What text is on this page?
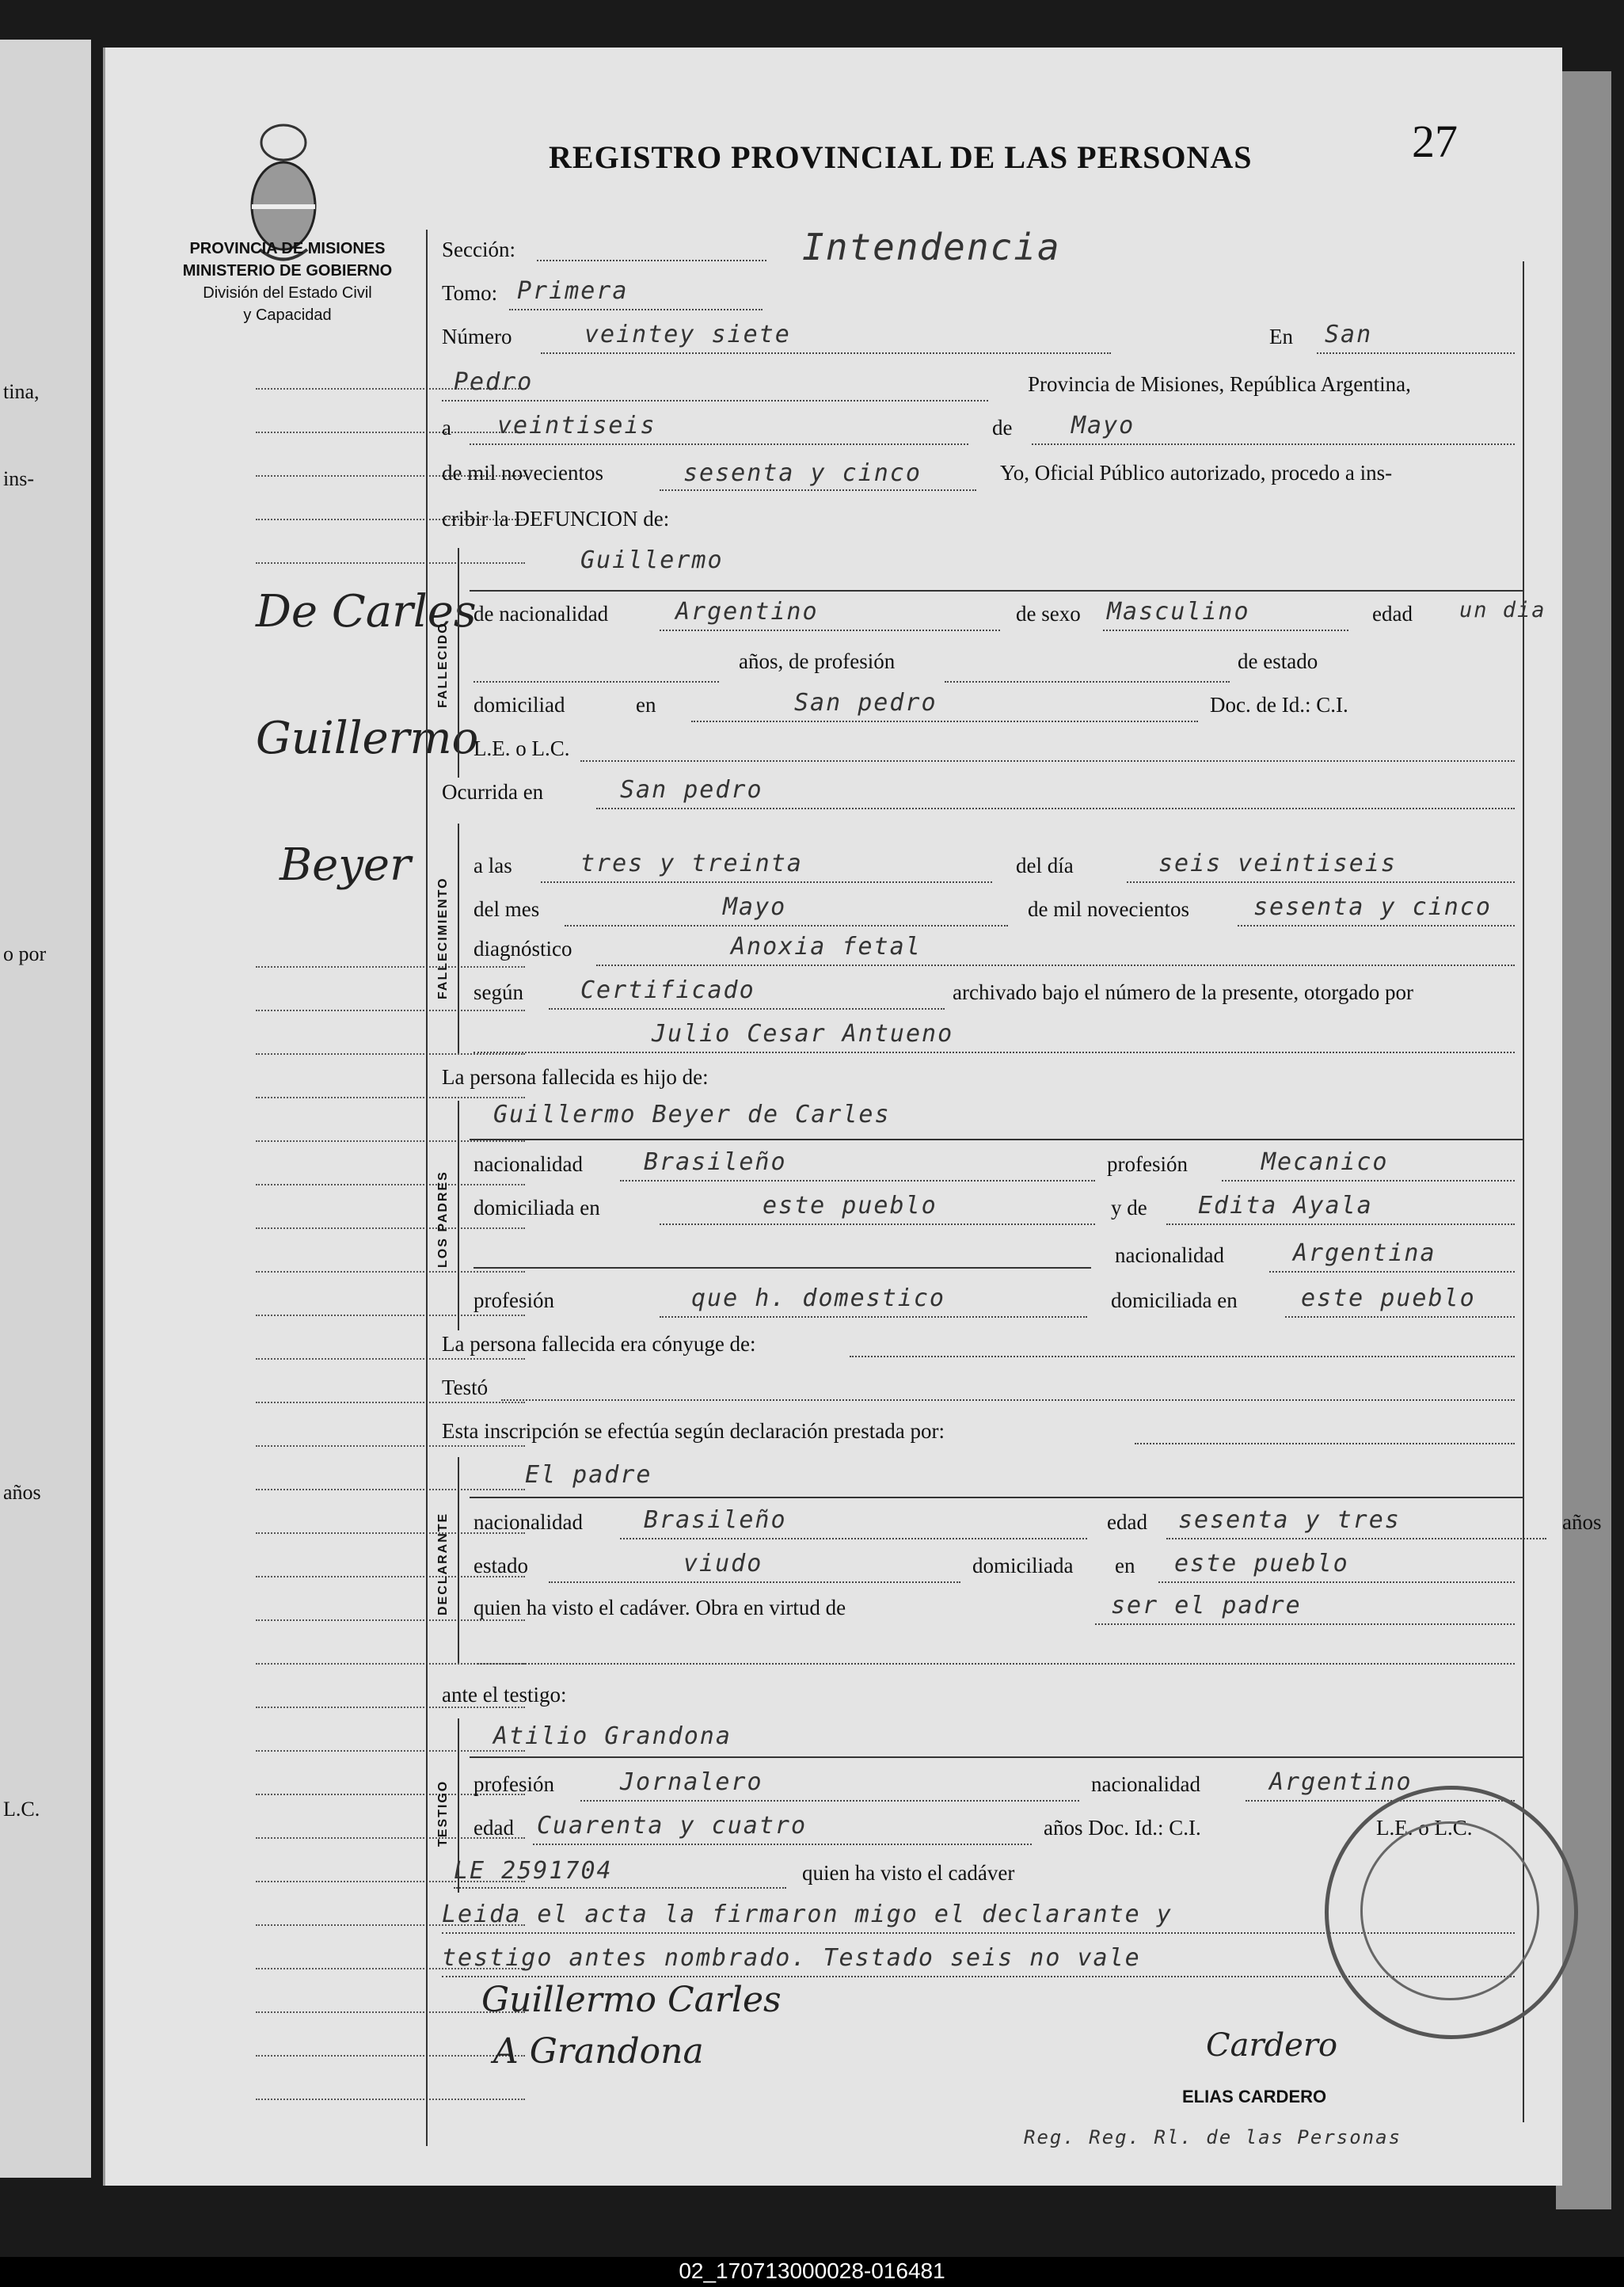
tina,
ins-
o por
años
L.C.
PROVINCIA DE MISIONES
MINISTERIO DE GOBIERNO
División del Estado Civil
y Capacidad
REGISTRO PROVINCIAL DE LAS PERSONAS	27
De Carles
Guillermo
Beyer
Sección:	Intendencia
Tomo: Primera
Número	veintey siete	En San
Pedro	Provincia de Misiones, República Argentina,
a veintiseis	de Mayo
de mil novecientos	sesenta y cinco	Yo, Oficial Público autorizado, procedo a ins-
cribir la DEFUNCION de:
FALLECIDO
Guillermo
de nacionalidad	Argentino	de sexo Masculino	edad un dia
años, de profesión	de estado
domiciliad	en	San pedro	Doc. de Id.: C.I.
L.E. o L.C.
Ocurrida en	San pedro
FALLECIMIENTO
a las	tres y treinta	del día	seis veintiseis
del mes	Mayo	de mil novecientos	sesenta y cinco
diagnóstico	Anoxia fetal
según Certificado	archivado bajo el número de la presente, otorgado por
Julio Cesar Antueno
La persona fallecida es hijo de:
LOS PADRES
Guillermo Beyer de Carles
nacionalidad	Brasileño	profesión	Mecanico
domiciliada en	este pueblo	y de Edita Ayala
nacionalidad	Argentina
profesión	que h. domestico	domiciliada en	este pueblo
La persona fallecida era cónyuge de:
Testó
Esta inscripción se efectúa según declaración prestada por:
DECLARANTE
El padre
nacionalidad	Brasileño	edad sesenta y tres	años
estado	viudo	domiciliada en este pueblo
quien ha visto el cadáver. Obra en virtud de	ser el padre
ante el testigo:
TESTIGO
Atilio Grandona
profesión	Jornalero	nacionalidad	Argentino
edad Cuarenta y cuatro	años Doc. Id.: C.I.	L.E. o L.C.
LE 2591704	quien ha visto el cadáver
Leida el acta la firmaron migo el declarante y
testigo antes nombrado. Testado seis no vale
Guillermo Carles
A Grandona	Cardero
ELIAS CARDERO
Reg. Reg. Rl. de las Personas
02_170713000028-016481
